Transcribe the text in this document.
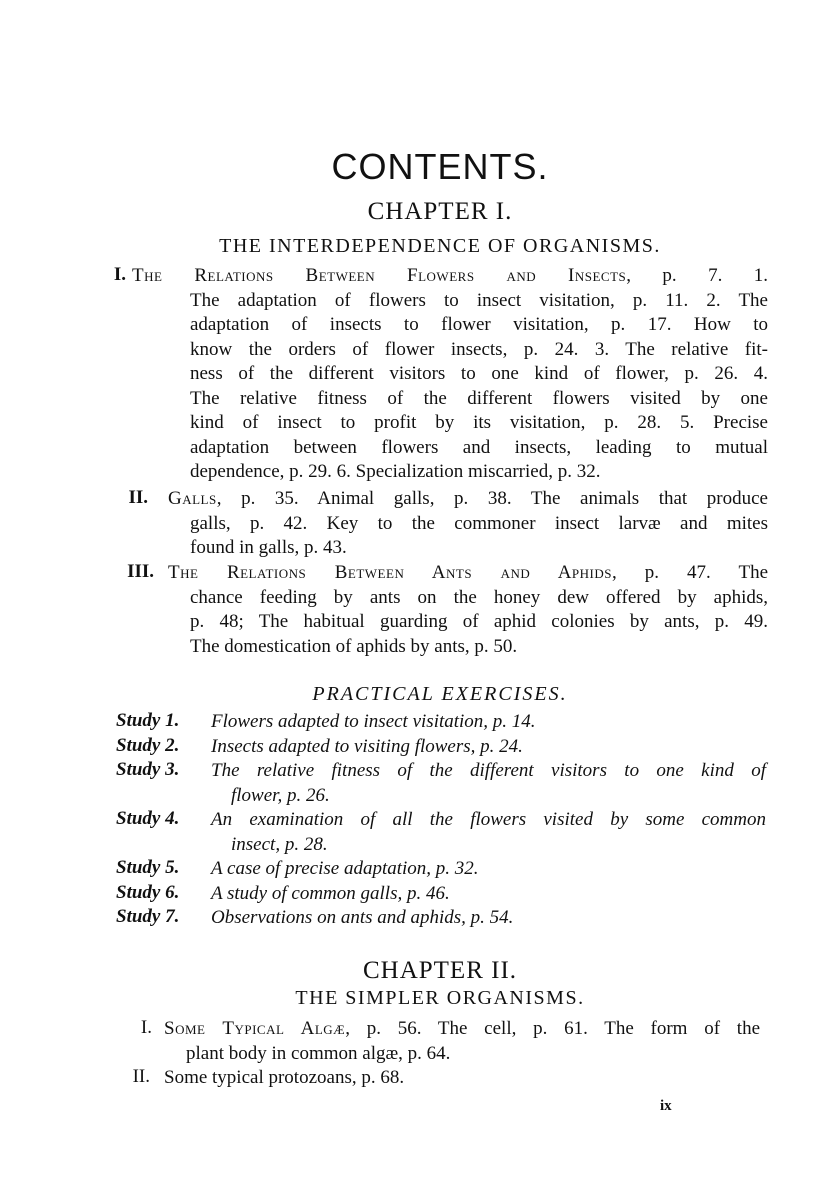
CONTENTS.
CHAPTER I.
THE INTERDEPENDENCE OF ORGANISMS.
I. The Relations Between Flowers and Insects, p. 7. 1.
The adaptation of flowers to insect visitation, p. 11. 2. The
adaptation of insects to flower visitation, p. 17. How to
know the orders of flower insects, p. 24. 3. The relative fit-
ness of the different visitors to one kind of flower, p. 26. 4.
The relative fitness of the different flowers visited by one
kind of insect to profit by its visitation, p. 28. 5. Precise
adaptation between flowers and insects, leading to mutual
dependence, p. 29. 6. Specialization miscarried, p. 32.
II. Galls, p. 35. Animal galls, p. 38. The animals that produce
galls, p. 42. Key to the commoner insect larvæ and mites
found in galls, p. 43.
III. The Relations Between Ants and Aphids, p. 47. The
chance feeding by ants on the honey dew offered by aphids,
p. 48; The habitual guarding of aphid colonies by ants, p. 49.
The domestication of aphids by ants, p. 50.
PRACTICAL EXERCISES.
Study 1. Flowers adapted to insect visitation, p. 14.
Study 2. Insects adapted to visiting flowers, p. 24.
Study 3. The relative fitness of the different visitors to one kind of
flower, p. 26.
Study 4. An examination of all the flowers visited by some common
insect, p. 28.
Study 5. A case of precise adaptation, p. 32.
Study 6. A study of common galls, p. 46.
Study 7. Observations on ants and aphids, p. 54.
CHAPTER II.
THE SIMPLER ORGANISMS.
I. Some Typical Algæ, p. 56. The cell, p. 61. The form of the
plant body in common algæ, p. 64.
II. Some typical protozoans, p. 68.
ix
